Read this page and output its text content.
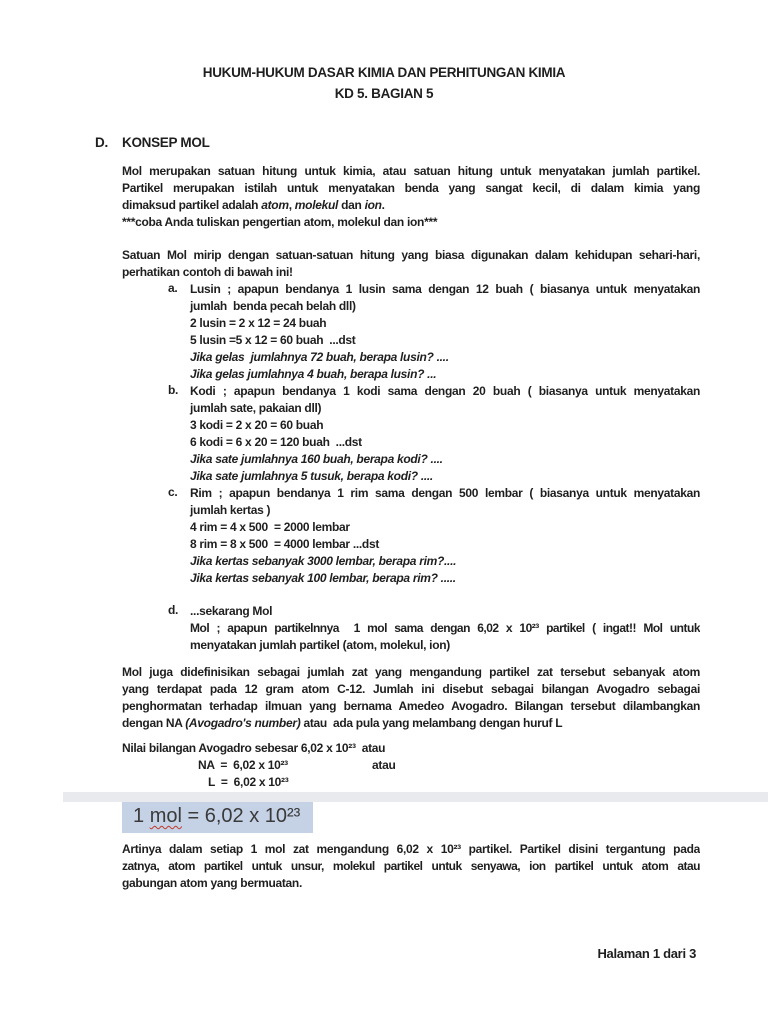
HUKUM-HUKUM DASAR KIMIA DAN PERHITUNGAN KIMIA
KD 5. BAGIAN 5
D. KONSEP MOL
Mol merupakan satuan hitung untuk kimia, atau satuan hitung untuk menyatakan jumlah partikel.
Partikel merupakan istilah untuk menyatakan benda yang sangat kecil, di dalam kimia yang
dimaksud partikel adalah atom, molekul dan ion.
***coba Anda tuliskan pengertian atom, molekul dan ion***
Satuan Mol mirip dengan satuan-satuan hitung yang biasa digunakan dalam kehidupan sehari-hari,
perhatikan contoh di bawah ini!
a. Lusin ; apapun bendanya 1 lusin sama dengan 12 buah ( biasanya untuk menyatakan
jumlah  benda pecah belah dll)
2 lusin = 2 x 12 = 24 buah
5 lusin =5 x 12 = 60 buah  ...dst
Jika gelas  jumlahnya 72 buah, berapa lusin? ....
Jika gelas jumlahnya 4 buah, berapa lusin? ...
b. Kodi ; apapun bendanya 1 kodi sama dengan 20 buah ( biasanya untuk menyatakan
jumlah sate, pakaian dll)
3 kodi = 2 x 20 = 60 buah
6 kodi = 6 x 20 = 120 buah  ...dst
Jika sate jumlahnya 160 buah, berapa kodi? ....
Jika sate jumlahnya 5 tusuk, berapa kodi? ....
c. Rim ; apapun bendanya 1 rim sama dengan 500 lembar ( biasanya untuk menyatakan
jumlah kertas )
4 rim = 4 x 500  = 2000 lembar
8 rim = 8 x 500  = 4000 lembar ...dst
Jika kertas sebanyak 3000 lembar, berapa rim?....
Jika kertas sebanyak 100 lembar, berapa rim? .....
d. ...sekarang Mol
Mol ; apapun partikelnnya  1 mol sama dengan 6,02 x 10²³ partikel ( ingat!! Mol untuk
menyatakan jumlah partikel (atom, molekul, ion)
Mol juga didefinisikan sebagai jumlah zat yang mengandung partikel zat tersebut sebanyak atom
yang terdapat pada 12 gram atom C-12. Jumlah ini disebut sebagai bilangan Avogadro sebagai
penghormatan terhadap ilmuan yang bernama Amedeo Avogadro. Bilangan tersebut dilambangkan
dengan NA (Avogadro's number) atau  ada pula yang melambang dengan huruf L
Nilai bilangan Avogadro sebesar 6,02 x 10²³  atau
NA  =  6,02 x 10²³	atau
L  =  6,02 x 10²³
1 mol = 6,02 x 10²³
Artinya dalam setiap 1 mol zat mengandung 6,02 x 10²³ partikel. Partikel disini tergantung pada
zatnya, atom partikel untuk unsur, molekul partikel untuk senyawa, ion partikel untuk atom atau
gabungan atom yang bermuatan.
Halaman 1 dari 3
